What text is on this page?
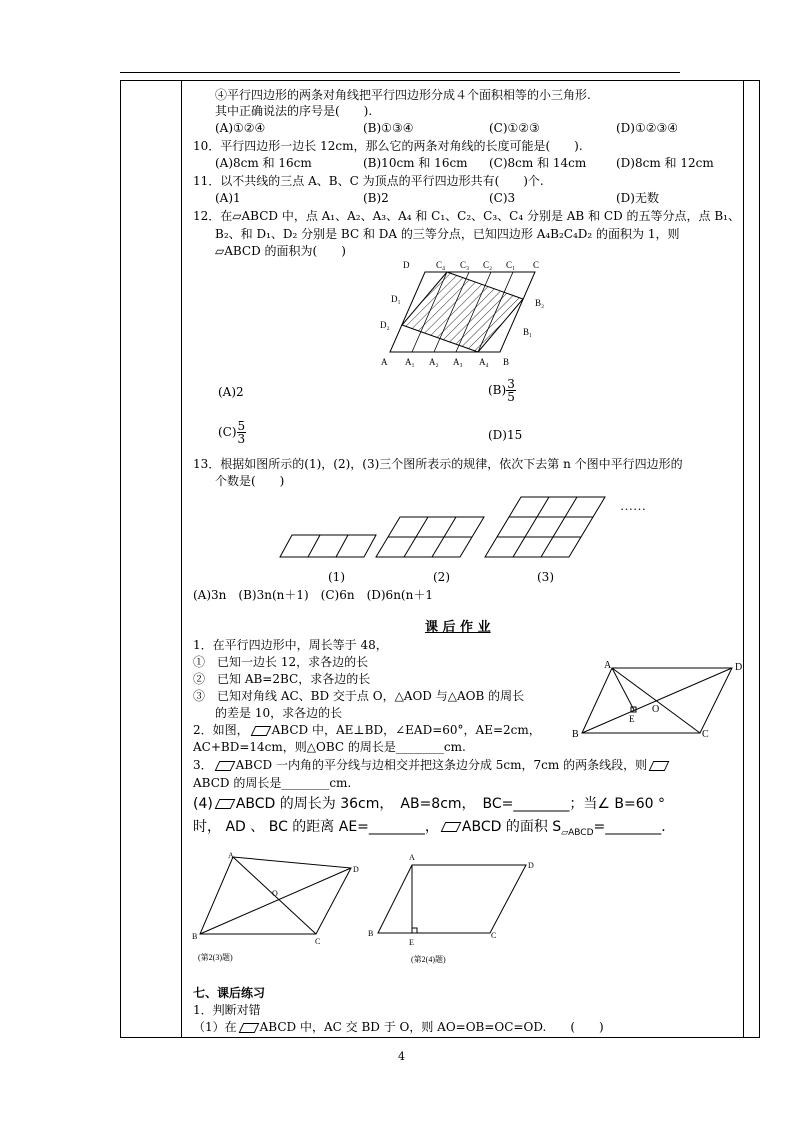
④平行四边形的两条对角线把平行四边形分成４个面积相等的小三角形.
其中正确说法的序号是(　　).
(A)①②④	(B)①③④	(C)①②③	(D)①②③④
10．平行四边形一边长 12cm，那么它的两条对角线的长度可能是(　　).
(A)8cm 和 16cm	(B)10cm 和 16cm (C)8cm 和 14cm (D)8cm 和 12cm
11．以不共线的三点 A、B、C 为顶点的平行四边形共有(　　)个.
(A)1	(B)2	(C)3	(D)无数
12．在▱ABCD 中，点 A₁、A₂、A₃、A₄ 和 C₁、C₂、C₃、C₄ 分别是 AB 和 CD 的五等分点，点 B₁、
B₂、和 D₁、D₂ 分别是 BC 和 DA 的三等分点，已知四边形 A₄B₂C₄D₂ 的面积为 1，则
▱ABCD 的面积为(　　)
D	C₄ C₃ C₂ C₁ C
D₁
D₂
B₂
B₁
A A₁ A₂ A₃ A₄ B
(A)2	$(B) \frac{3}{5}$
$(C) \frac{5}{3}$	(D)15
13．根据如图所示的(1)，(2)，(3)三个图所表示的规律，依次下去第 n 个图中平行四边形的
个数是(　　)
……
(1)	(2)	(3)
(A)3n　(B)3n(n＋1)　(C)6n　(D)6n(n＋1
课 后 作 业
1．在平行四边形中，周长等于 48，
①　已知一边长 12，求各边的长
②　已知 AB=2BC，求各边的长
③　已知对角线 AC、BD 交于点 O，△AOD 与△AOB 的周长
的差是 10，求各边的长
A	D
O
E
B	C
2．如图， ABCD 中，AE⊥BD，∠EAD=60°，AE=2cm，
AC+BD=14cm，则△OBC 的周长是________cm.
3． ABCD 一内角的平分线与边相交并把这条边分成 5cm，7cm 的两条线段，则
ABCD 的周长是________cm.
(4) ABCD 的周长为 36cm，　AB=8cm，　BC=________；当∠ B=60 °
时， AD 、 BC 的距离 AE=________， ABCD 的面积 $S_{▱ABCD}=\_\_\_\_\_\_\_\_$.
A
D
O
B
C
(第2(3)题)
A
D
B
E
C
(第2(4)题)
七、课后练习
1．判断对错
（1）在 ABCD 中，AC 交 BD 于 O，则 AO=OB=OC=OD.　　(　　)
4
